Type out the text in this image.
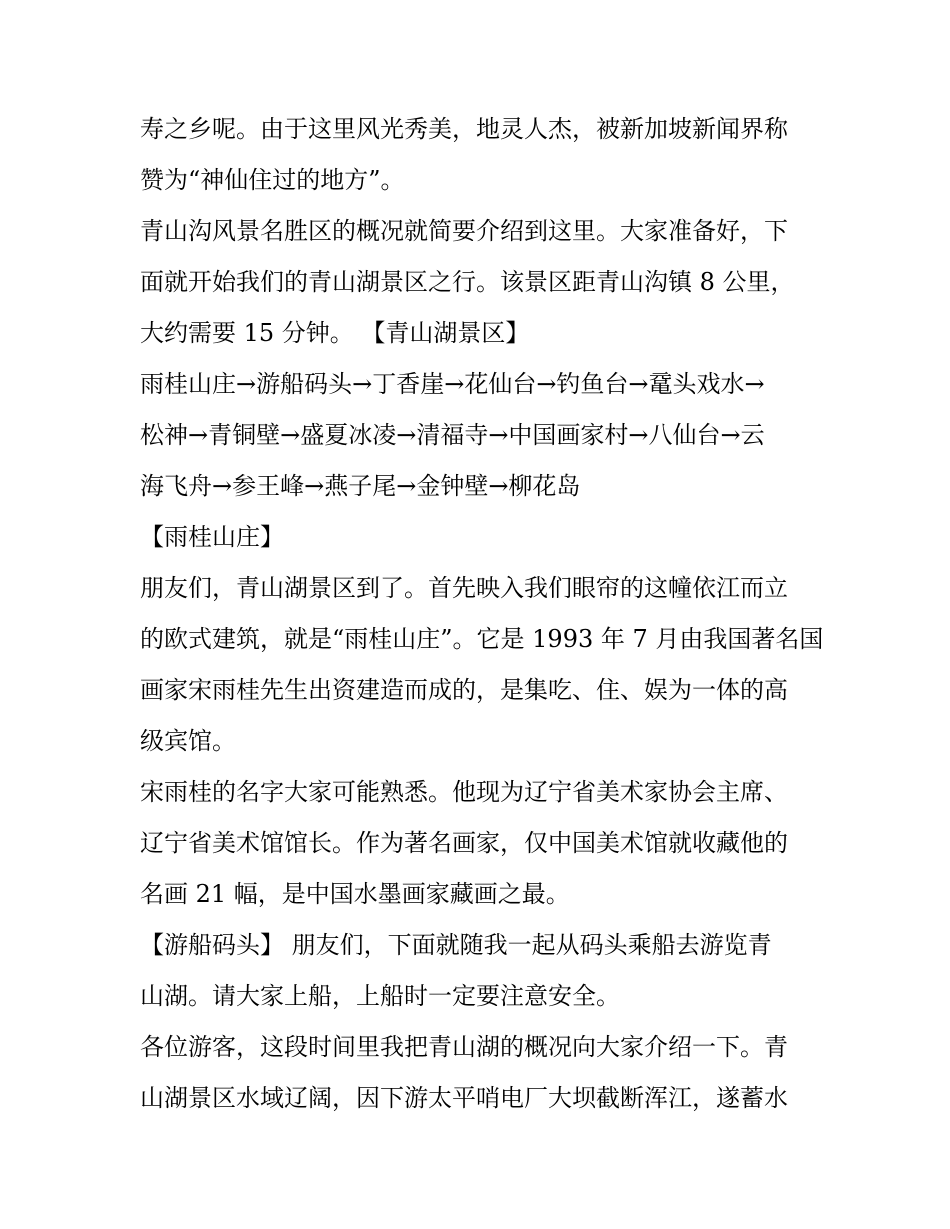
寿之乡呢。由于这里风光秀美，地灵人杰，被新加坡新闻界称
赞为“神仙住过的地方”。
青山沟风景名胜区的概况就简要介绍到这里。大家准备好，下
面就开始我们的青山湖景区之行。该景区距青山沟镇 8 公里，
大约需要 15 分钟。 【青山湖景区】
雨桂山庄→游船码头→丁香崖→花仙台→钓鱼台→鼋头戏水→
松神→青铜壁→盛夏冰凌→清福寺→中国画家村→八仙台→云
海飞舟→参王峰→燕子尾→金钟壁→柳花岛
【雨桂山庄】
朋友们，青山湖景区到了。首先映入我们眼帘的这幢依江而立
的欧式建筑，就是“雨桂山庄”。它是 1993 年 7 月由我国著名国
画家宋雨桂先生出资建造而成的，是集吃、住、娱为一体的高
级宾馆。
宋雨桂的名字大家可能熟悉。他现为辽宁省美术家协会主席、
辽宁省美术馆馆长。作为著名画家，仅中国美术馆就收藏他的
名画 21 幅，是中国水墨画家藏画之最。
【游船码头】 朋友们，下面就随我一起从码头乘船去游览青
山湖。请大家上船，上船时一定要注意安全。
各位游客，这段时间里我把青山湖的概况向大家介绍一下。青
山湖景区水域辽阔，因下游太平哨电厂大坝截断浑江，遂蓄水
